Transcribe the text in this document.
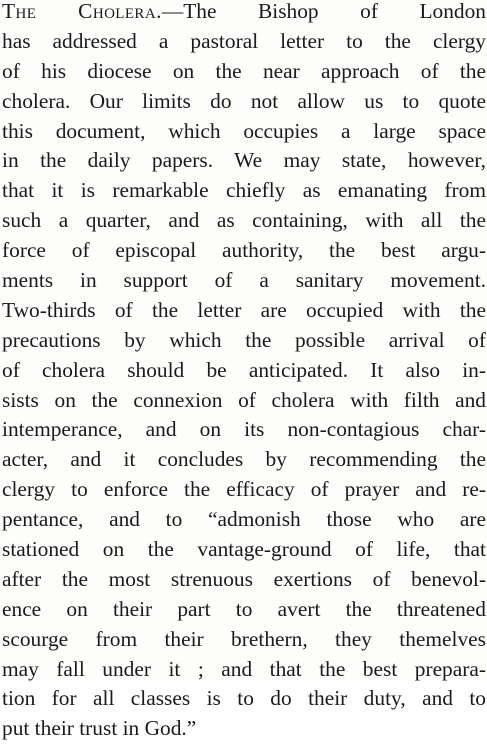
The Cholera.—The Bishop of London
has addressed a pastoral letter to the clergy
of his diocese on the near approach of the
cholera. Our limits do not allow us to quote
this document, which occupies a large space
in the daily papers. We may state, however,
that it is remarkable chiefly as emanating from
such a quarter, and as containing, with all the
force of episcopal authority, the best argu-
ments in support of a sanitary movement.
Two-thirds of the letter are occupied with the
precautions by which the possible arrival of
of cholera should be anticipated. It also in-
sists on the connexion of cholera with filth and
intemperance, and on its non-contagious char-
acter, and it concludes by recommending the
clergy to enforce the efficacy of prayer and re-
pentance, and to “admonish those who are
stationed on the vantage-ground of life, that
after the most strenuous exertions of benevol-
ence on their part to avert the threatened
scourge from their brethern, they themelves
may fall under it ; and that the best prepara-
tion for all classes is to do their duty, and to
put their trust in God.”
